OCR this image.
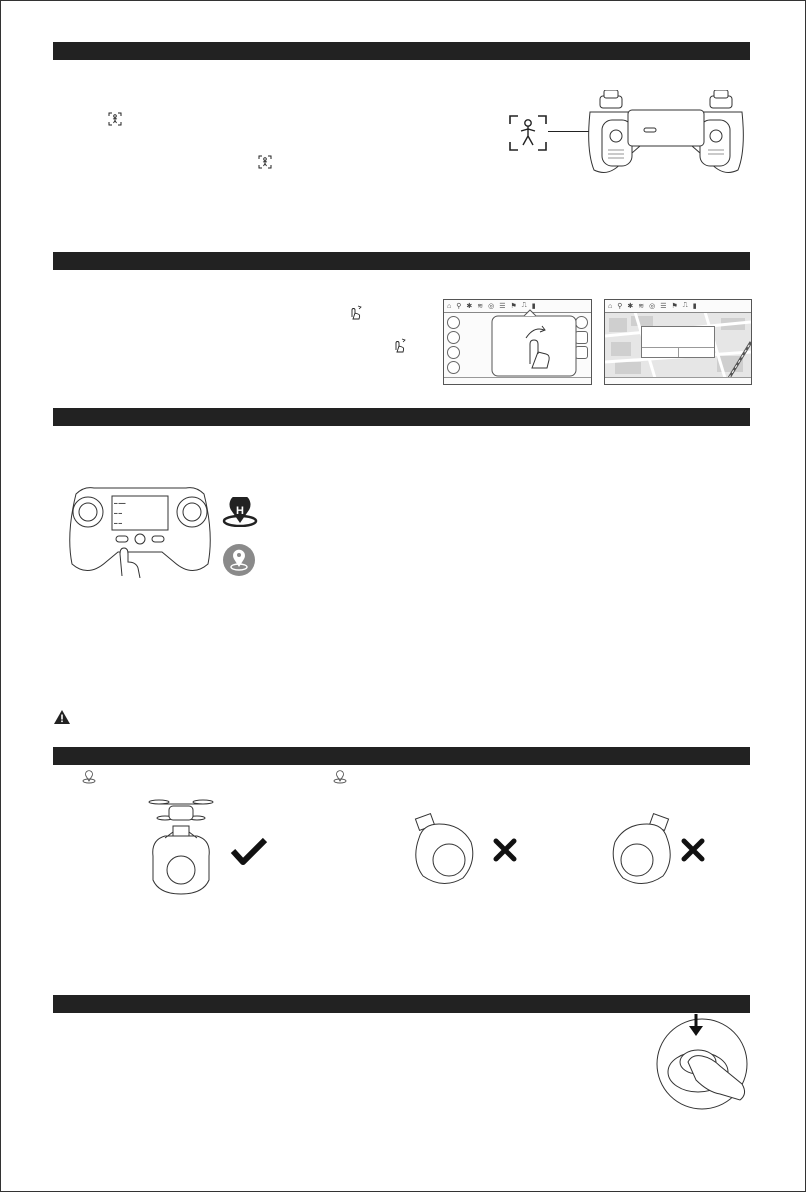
⌂ ⚲ ✱ ≋ ◎ ☰ ⚑ ⎍ ▮	⌂ ⚲ ✱ ≋ ◎ ☰ ⚑ ⎍ ▮
▬ ▬▬
▬ ▬
▬ ▬
H
